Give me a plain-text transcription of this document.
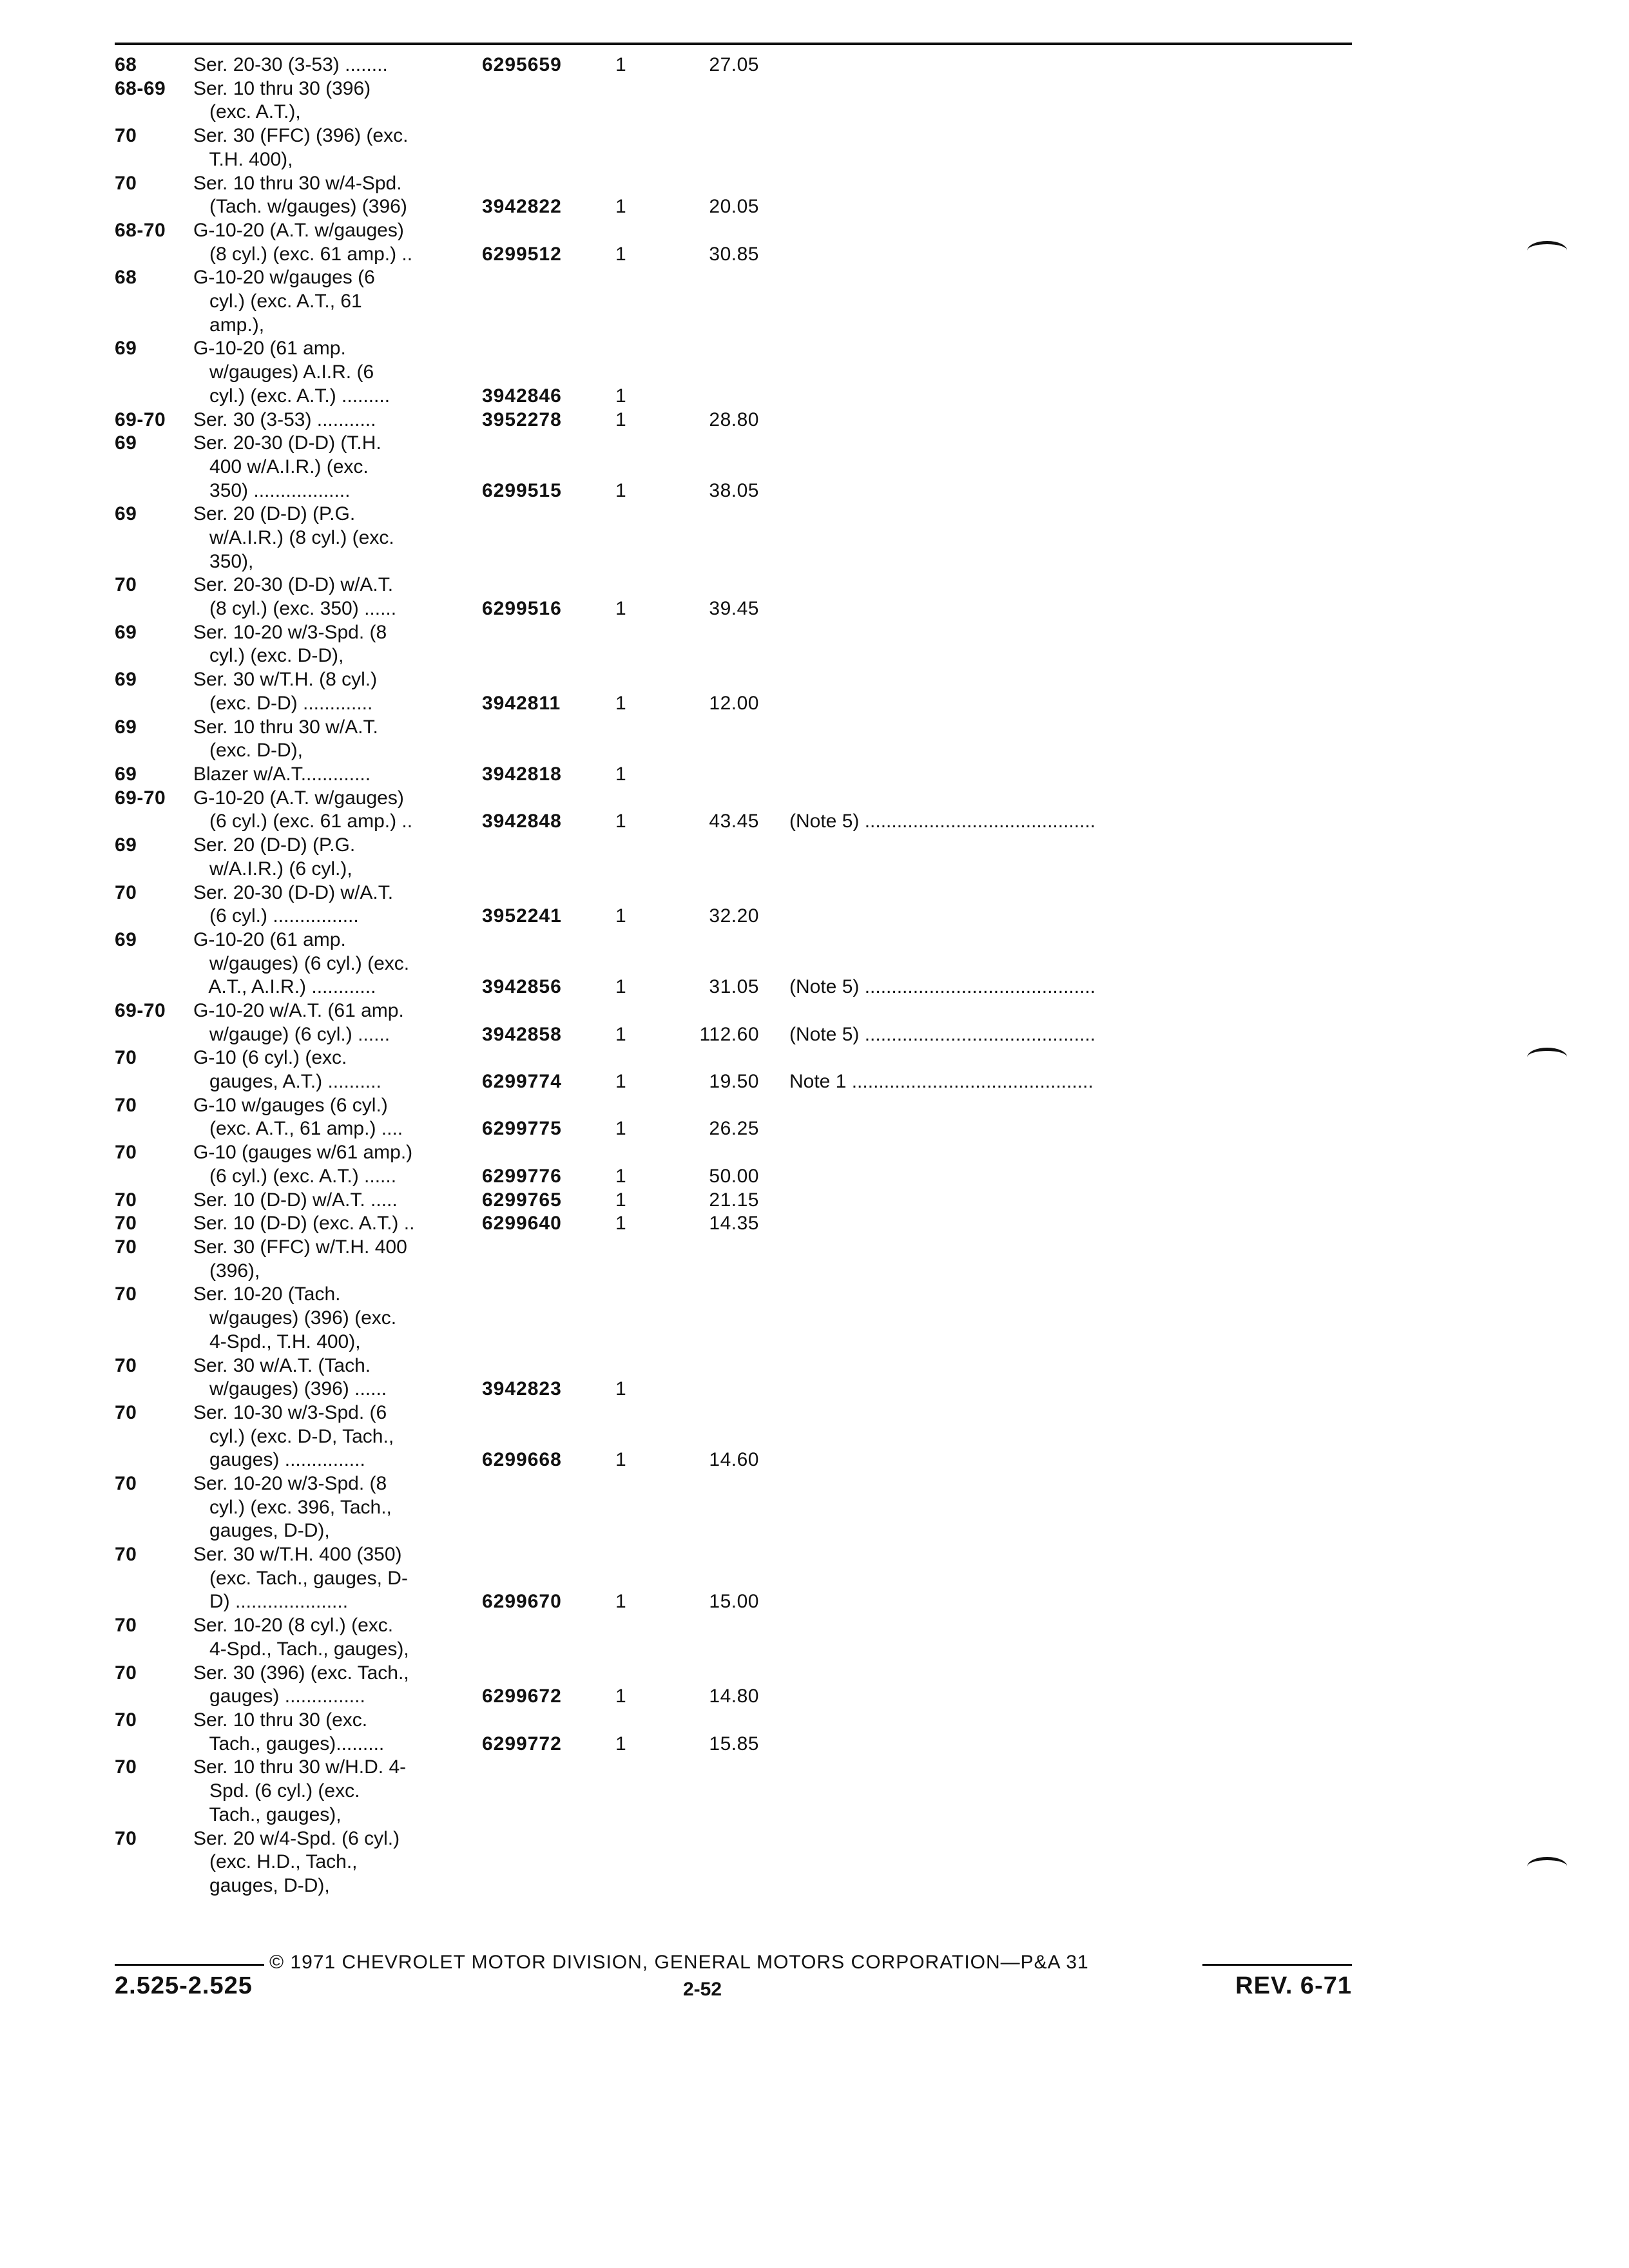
68	Ser. 20-30 (3-53) ........	6295659	1	27.05
68-69 Ser. 10 thru 30 (396)
(exc. A.T.),
70	Ser. 30 (FFC) (396) (exc.
T.H. 400),
70	Ser. 10 thru 30 w/4-Spd.
(Tach. w/gauges) (396)	3942822	1	20.05
68-70 G-10-20 (A.T. w/gauges)
(8 cyl.) (exc. 61 amp.) ..	6299512	1	30.85
68	G-10-20 w/gauges (6
cyl.) (exc. A.T., 61
amp.),
69	G-10-20 (61 amp.
w/gauges) A.I.R. (6
cyl.) (exc. A.T.) .........	3942846	1
69-70 Ser. 30 (3-53) ...........	3952278	1	28.80
69	Ser. 20-30 (D-D) (T.H.
400 w/A.I.R.) (exc.
350) ..................	6299515	1	38.05
69	Ser. 20 (D-D) (P.G.
w/A.I.R.) (8 cyl.) (exc.
350),
70	Ser. 20-30 (D-D) w/A.T.
(8 cyl.) (exc. 350) ......	6299516	1	39.45
69	Ser. 10-20 w/3-Spd. (8
cyl.) (exc. D-D),
69	Ser. 30 w/T.H. (8 cyl.)
(exc. D-D) .............	3942811	1	12.00
69	Ser. 10 thru 30 w/A.T.
(exc. D-D),
69	Blazer w/A.T.............	3942818	1
69-70 G-10-20 (A.T. w/gauges)
(6 cyl.) (exc. 61 amp.) ..	3942848	1	43.45 (Note 5) ...........................................
69	Ser. 20 (D-D) (P.G.
w/A.I.R.) (6 cyl.),
70	Ser. 20-30 (D-D) w/A.T.
(6 cyl.) ................	3952241	1	32.20
69	G-10-20 (61 amp.
w/gauges) (6 cyl.) (exc.
A.T., A.I.R.) ............	3942856	1	31.05 (Note 5) ...........................................
69-70 G-10-20 w/A.T. (61 amp.
w/gauge) (6 cyl.) ......	3942858	1	112.60 (Note 5) ...........................................
70	G-10 (6 cyl.) (exc.
gauges, A.T.) ..........	6299774	1	19.50 Note 1 .............................................
70	G-10 w/gauges (6 cyl.)
(exc. A.T., 61 amp.) ....	6299775	1	26.25
70	G-10 (gauges w/61 amp.)
(6 cyl.) (exc. A.T.) ......	6299776	1	50.00
70	Ser. 10 (D-D) w/A.T. .....	6299765	1	21.15
70	Ser. 10 (D-D) (exc. A.T.) ..	6299640	1	14.35
70	Ser. 30 (FFC) w/T.H. 400
(396),
70	Ser. 10-20 (Tach.
w/gauges) (396) (exc.
4-Spd., T.H. 400),
70	Ser. 30 w/A.T. (Tach.
w/gauges) (396) ......	3942823	1
70	Ser. 10-30 w/3-Spd. (6
cyl.) (exc. D-D, Tach.,
gauges) ...............	6299668	1	14.60
70	Ser. 10-20 w/3-Spd. (8
cyl.) (exc. 396, Tach.,
gauges, D-D),
70	Ser. 30 w/T.H. 400 (350)
(exc. Tach., gauges, D-
D) .....................	6299670	1	15.00
70	Ser. 10-20 (8 cyl.) (exc.
4-Spd., Tach., gauges),
70	Ser. 30 (396) (exc. Tach.,
gauges) ...............	6299672	1	14.80
70	Ser. 10 thru 30 (exc.
Tach., gauges).........	6299772	1	15.85
70	Ser. 10 thru 30 w/H.D. 4-
Spd. (6 cyl.) (exc.
Tach., gauges),
70	Ser. 20 w/4-Spd. (6 cyl.)
(exc. H.D., Tach.,
gauges, D-D),
© 1971 CHEVROLET MOTOR DIVISION, GENERAL MOTORS CORPORATION—P&A 31
2.525-2.525	2-52	REV. 6-71
